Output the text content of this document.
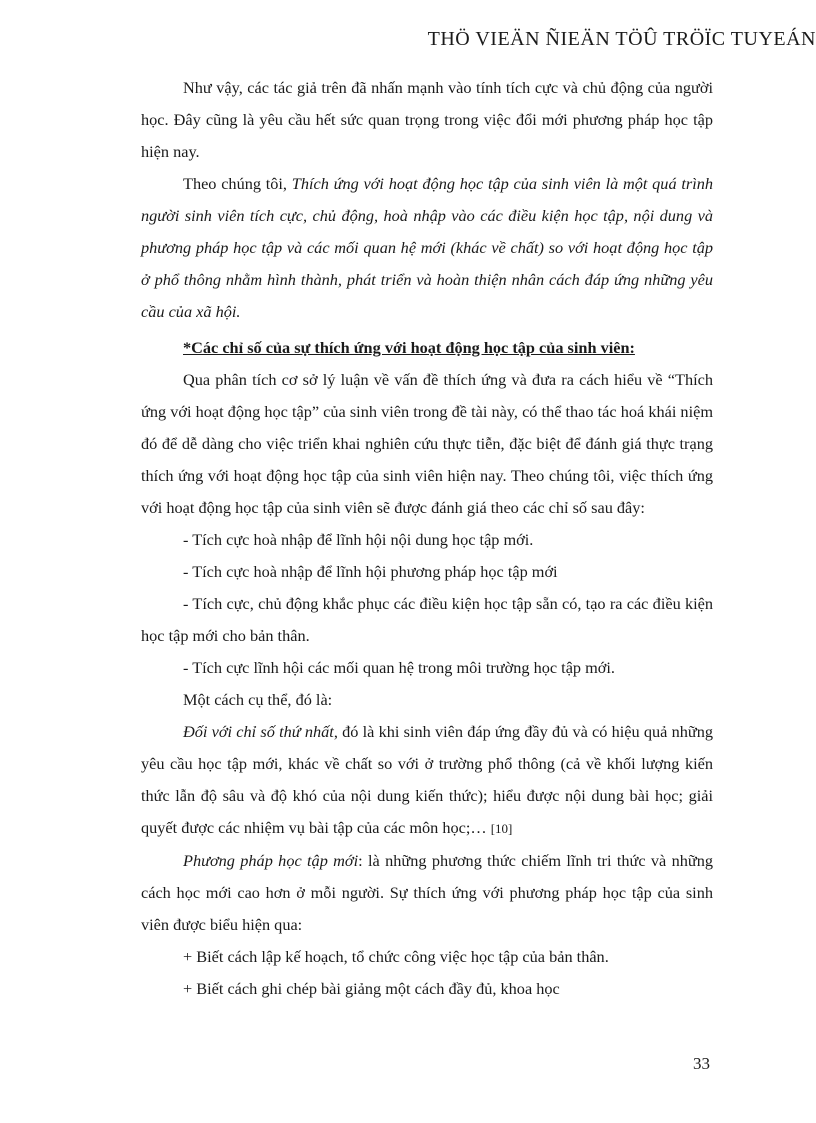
THÖ VIEÄN ÑIEÄN TÖÛ TRÖÏC TUYEÁN

Như vậy, các tác giả trên đã nhấn mạnh vào tính tích cực và chủ động của người học. Đây cũng là yêu cầu hết sức quan trọng trong việc đổi mới phương pháp học tập hiện nay.

Theo chúng tôi, Thích ứng với hoạt động học tập của sinh viên là một quá trình người sinh viên tích cực, chủ động, hoà nhập vào các điều kiện học tập, nội dung và phương pháp học tập và các mối quan hệ mới (khác về chất) so với hoạt động học tập ở phổ thông nhằm hình thành, phát triển và hoàn thiện nhân cách đáp ứng những yêu cầu của xã hội.

*Các chỉ số của sự thích ứng với hoạt động học tập của sinh viên:

Qua phân tích cơ sở lý luận về vấn đề thích ứng và đưa ra cách hiểu về “Thích ứng với hoạt động học tập” của sinh viên trong đề tài này, có thể thao tác hoá khái niệm đó để dễ dàng cho việc triển khai nghiên cứu thực tiễn, đặc biệt để đánh giá thực trạng thích ứng với hoạt động học tập của sinh viên hiện nay. Theo chúng tôi, việc thích ứng với hoạt động học tập của sinh viên sẽ được đánh giá theo các chỉ số sau đây:

- Tích cực hoà nhập để lĩnh hội nội dung học tập mới.

- Tích cực hoà nhập để lĩnh hội phương pháp học tập mới

- Tích cực, chủ động khắc phục các điều kiện học tập sẵn có, tạo ra các điều kiện học tập mới cho bản thân.

- Tích cực lĩnh hội các mối quan hệ trong môi trường học tập mới.

Một cách cụ thể, đó là:

Đối với chỉ số thứ nhất, đó là khi sinh viên đáp ứng đầy đủ và có hiệu quả những yêu cầu học tập mới, khác về chất so với ở trường phổ thông (cả về khối lượng kiến thức lẫn độ sâu và độ khó của nội dung kiến thức); hiểu được nội dung bài học; giải quyết được các nhiệm vụ bài tập của các môn học;… [10]

Phương pháp học tập mới: là những phương thức chiếm lĩnh tri thức và những cách học mới cao hơn ở mỗi người. Sự thích ứng với phương pháp học tập của sinh viên được biểu hiện qua:

+ Biết cách lập kế hoạch, tổ chức công việc học tập của bản thân.

+ Biết cách ghi chép bài giảng một cách đầy đủ, khoa học

33
